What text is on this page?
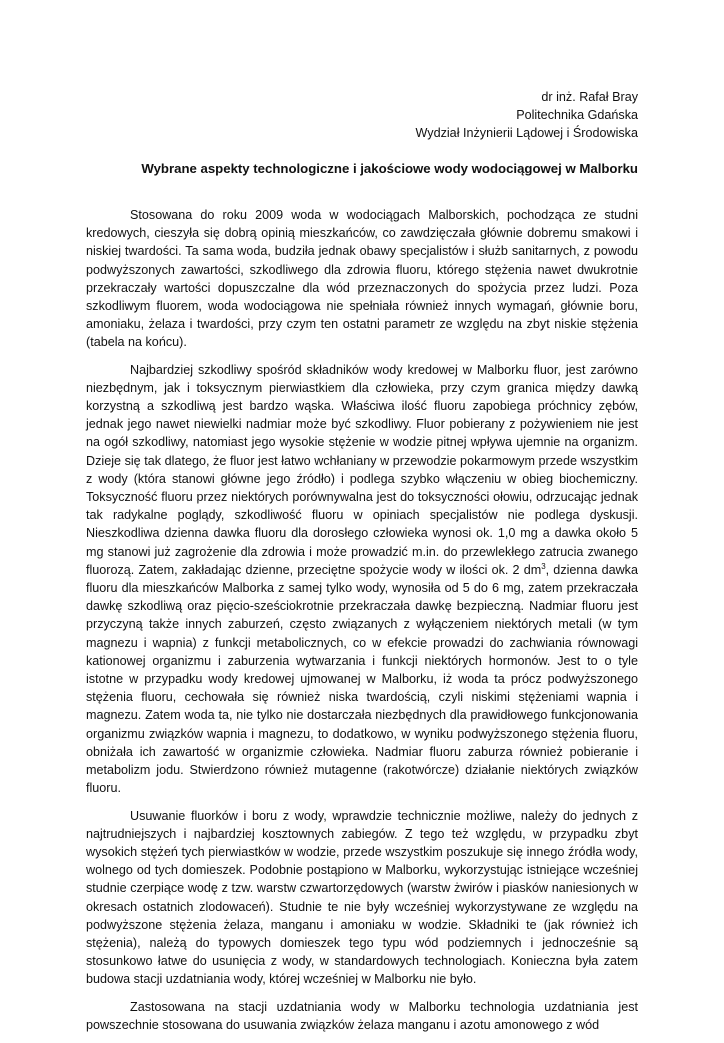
dr inż. Rafał Bray
Politechnika Gdańska
Wydział Inżynierii Lądowej i Środowiska
Wybrane aspekty technologiczne i jakościowe wody wodociągowej w Malborku

Stosowana do roku 2009 woda w wodociągach Malborskich, pochodząca ze studni kredowych, cieszyła się dobrą opinią mieszkańców, co zawdzięczała głównie dobremu smakowi i niskiej twardości. Ta sama woda, budziła jednak obawy specjalistów i służb sanitarnych, z powodu podwyższonych zawartości, szkodliwego dla zdrowia fluoru, którego stężenia nawet dwukrotnie przekraczały wartości dopuszczalne dla wód przeznaczonych do spożycia przez ludzi. Poza szkodliwym fluorem, woda wodociągowa nie spełniała również innych wymagań, głównie boru, amoniaku, żelaza i twardości, przy czym ten ostatni parametr ze względu na zbyt niskie stężenia (tabela na końcu).

Najbardziej szkodliwy spośród składników wody kredowej w Malborku fluor, jest zarówno niezbędnym, jak i toksycznym pierwiastkiem dla człowieka, przy czym granica między dawką korzystną a szkodliwą jest bardzo wąska. Właściwa ilość fluoru zapobiega próchnicy zębów, jednak jego nawet niewielki nadmiar może być szkodliwy. Fluor pobierany z pożywieniem nie jest na ogół szkodliwy, natomiast jego wysokie stężenie w wodzie pitnej wpływa ujemnie na organizm. Dzieje się tak dlatego, że fluor jest łatwo wchłaniany w przewodzie pokarmowym przede wszystkim z wody (która stanowi główne jego źródło) i podlega szybko włączeniu w obieg biochemiczny. Toksyczność fluoru przez niektórych porównywalna jest do toksyczności ołowiu, odrzucając jednak tak radykalne poglądy, szkodliwość fluoru w opiniach specjalistów nie podlega dyskusji. Nieszkodliwa dzienna dawka fluoru dla dorosłego człowieka wynosi ok. 1,0 mg a dawka około 5 mg stanowi już zagrożenie dla zdrowia i może prowadzić m.in. do przewlekłego zatrucia zwanego fluorozą. Zatem, zakładając dzienne, przeciętne spożycie wody w ilości ok. 2 $dm^3$, dzienna dawka fluoru dla mieszkańców Malborka z samej tylko wody, wynosiła od 5 do 6 mg, zatem przekraczała dawkę szkodliwą oraz pięcio-sześciokrotnie przekraczała dawkę bezpieczną. Nadmiar fluoru jest przyczyną także innych zaburzeń, często związanych z wyłączeniem niektórych metali (w tym magnezu i wapnia) z funkcji metabolicznych, co w efekcie prowadzi do zachwiania równowagi kationowej organizmu i zaburzenia wytwarzania i funkcji niektórych hormonów. Jest to o tyle istotne w przypadku wody kredowej ujmowanej w Malborku, iż woda ta prócz podwyższonego stężenia fluoru, cechowała się również niska twardością, czyli niskimi stężeniami wapnia i magnezu. Zatem woda ta, nie tylko nie dostarczała niezbędnych dla prawidłowego funkcjonowania organizmu związków wapnia i magnezu, to dodatkowo, w wyniku podwyższonego stężenia fluoru, obniżała ich zawartość w organizmie człowieka. Nadmiar fluoru zaburza również pobieranie i metabolizm jodu. Stwierdzono również mutagenne (rakotwórcze) działanie niektórych związków fluoru.

Usuwanie fluorków i boru z wody, wprawdzie technicznie możliwe, należy do jednych z najtrudniejszych i najbardziej kosztownych zabiegów. Z tego też względu, w przypadku zbyt wysokich stężeń tych pierwiastków w wodzie, przede wszystkim poszukuje się innego źródła wody, wolnego od tych domieszek. Podobnie postąpiono w Malborku, wykorzystując istniejące wcześniej studnie czerpiące wodę z tzw. warstw czwartorzędowych (warstw żwirów i piasków naniesionych w okresach ostatnich zlodowaceń). Studnie te nie były wcześniej wykorzystywane ze względu na podwyższone stężenia żelaza, manganu i amoniaku w wodzie. Składniki te (jak również ich stężenia), należą do typowych domieszek tego typu wód podziemnych i jednocześnie są stosunkowo łatwe do usunięcia z wody, w standardowych technologiach. Konieczna była zatem budowa stacji uzdatniania wody, której wcześniej w Malborku nie było.

Zastosowana na stacji uzdatniania wody w Malborku technologia uzdatniania jest powszechnie stosowana do usuwania związków żelaza manganu i azotu amonowego z wód
